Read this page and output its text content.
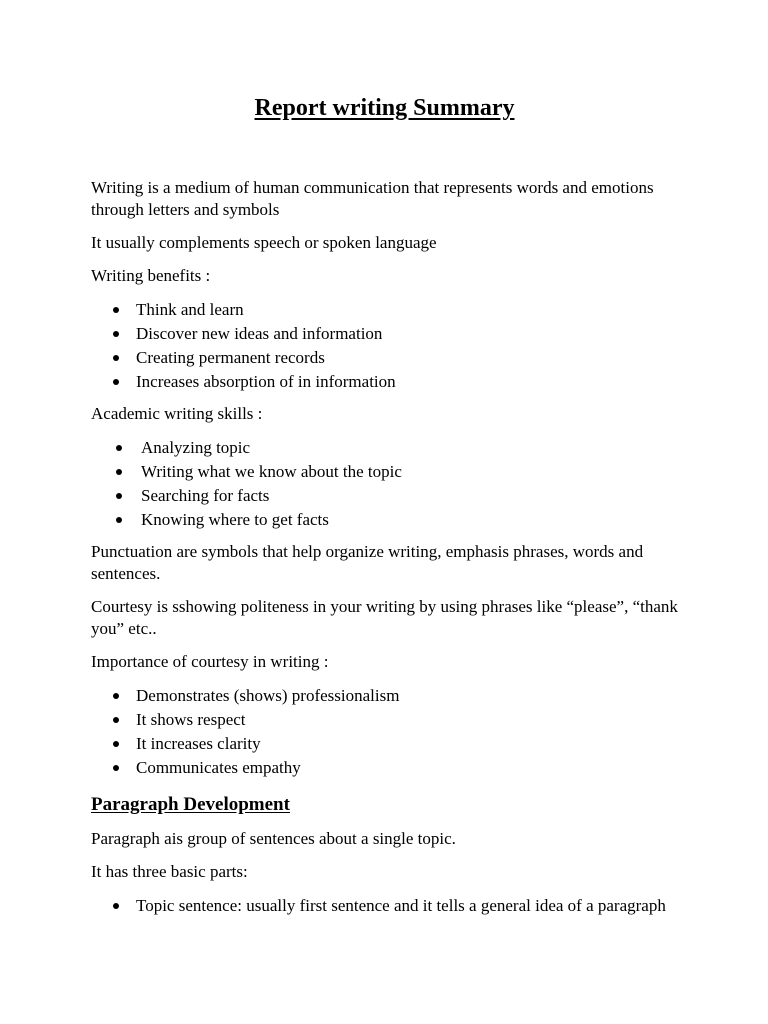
Report writing Summary

Writing is a medium of human communication that represents words and emotions through letters and symbols

It usually complements speech or spoken language

Writing benefits :

Think and learn
Discover new ideas and information
Creating permanent records
Increases absorption of in information

Academic writing skills :

Analyzing topic
Writing what we know about the topic
Searching for facts
Knowing where to get facts

Punctuation are symbols that help organize writing, emphasis phrases, words and sentences.

Courtesy is sshowing politeness in your writing by using phrases like “please”, “thank you” etc..

Importance of courtesy in writing :

Demonstrates (shows) professionalism
It shows respect
It increases clarity
Communicates empathy
Paragraph Development

Paragraph ais group of sentences about a single topic.

It has three basic parts:

Topic sentence: usually first sentence and it tells a general idea of a paragraph
